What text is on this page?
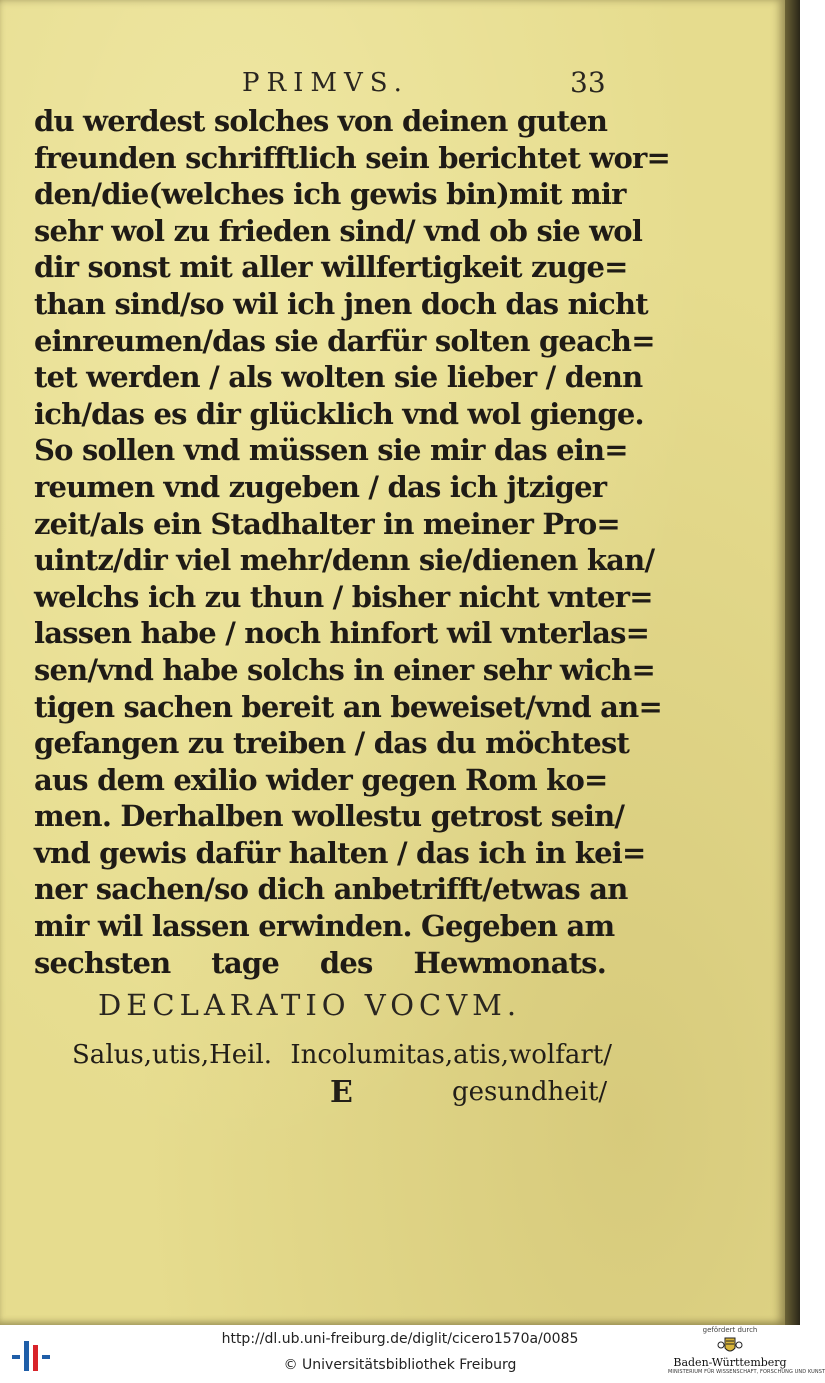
PRIMVS.	33
du werdest solches von deinen guten
freunden schrifftlich sein berichtet wor=
den/die(welches ich gewis bin)mit mir
sehr wol zu frieden sind/ vnd ob sie wol
dir sonst mit aller willfertigkeit zuge=
than sind/so wil ich jnen doch das nicht
einreumen/das sie darfür solten geach=
tet werden / als wolten sie lieber / denn
ich/das es dir glücklich vnd wol gienge.
So sollen vnd müssen sie mir das ein=
reumen vnd zugeben / das ich jtziger
zeit/als ein Stadhalter in meiner Pro=
uintz/dir viel mehr/denn sie/dienen kan/
welchs ich zu thun / bisher nicht vnter=
lassen habe / noch hinfort wil vnterlas=
sen/vnd habe solchs in einer sehr wich=
tigen sachen bereit an beweiset/vnd an=
gefangen zu treiben / das du möchtest
aus dem exilio wider gegen Rom ko=
men. Derhalben wollestu getrost sein/
vnd gewis dafür halten / das ich in kei=
ner sachen/so dich anbetrifft/etwas an
mir wil lassen erwinden. Gegeben am
sechsten tage des Hewmonats.
DECLARATIO VOCVM.
Salus,utis,Heil. Incolumitas,atis,wolfart/
E	gesundheit/
http://dl.ub.uni-freiburg.de/diglit/cicero1570a/0085
© Universitätsbibliothek Freiburg
gefördert durch
Baden-Württemberg
MINISTERIUM FÜR WISSENSCHAFT, FORSCHUNG UND KUNST
